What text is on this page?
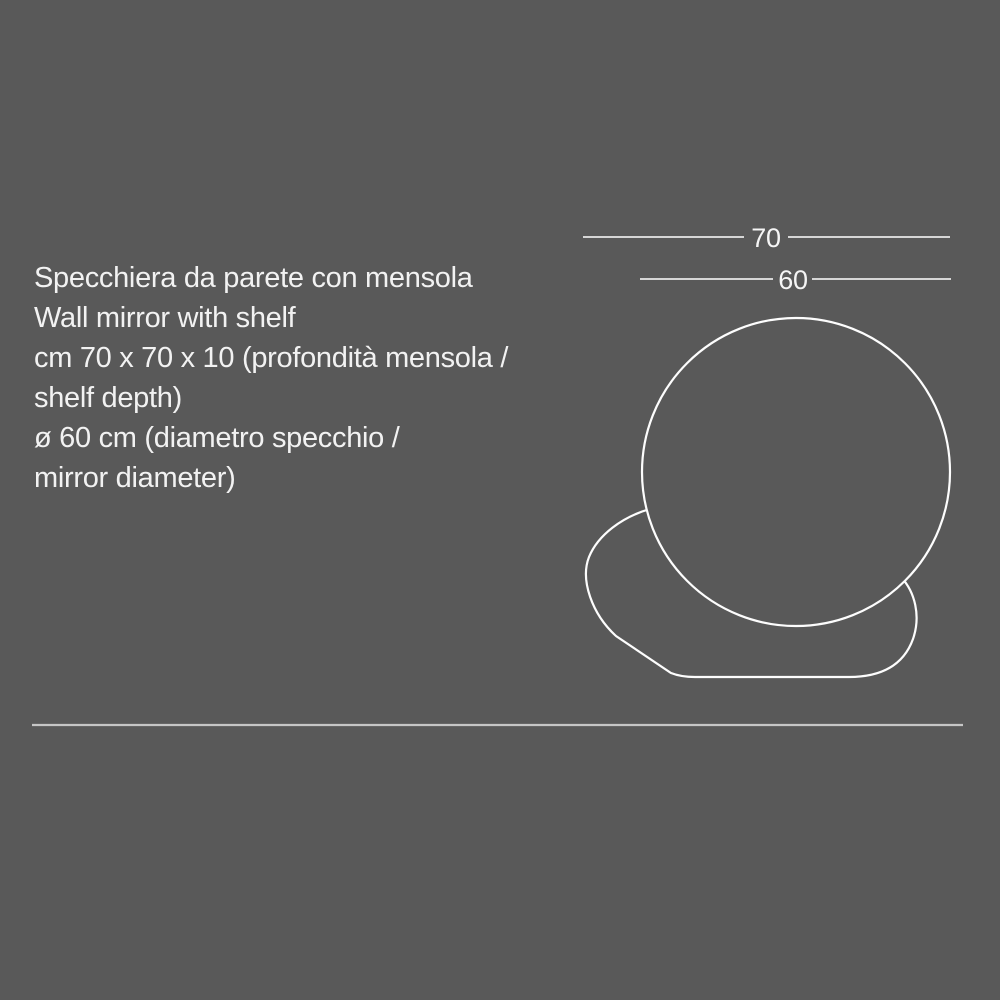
Specchiera da parete con mensola
Wall mirror with shelf
cm 70 x 70 x 10 (profondità mensola /
shelf depth)
ø 60 cm (diametro specchio /
mirror diameter)
70
60
